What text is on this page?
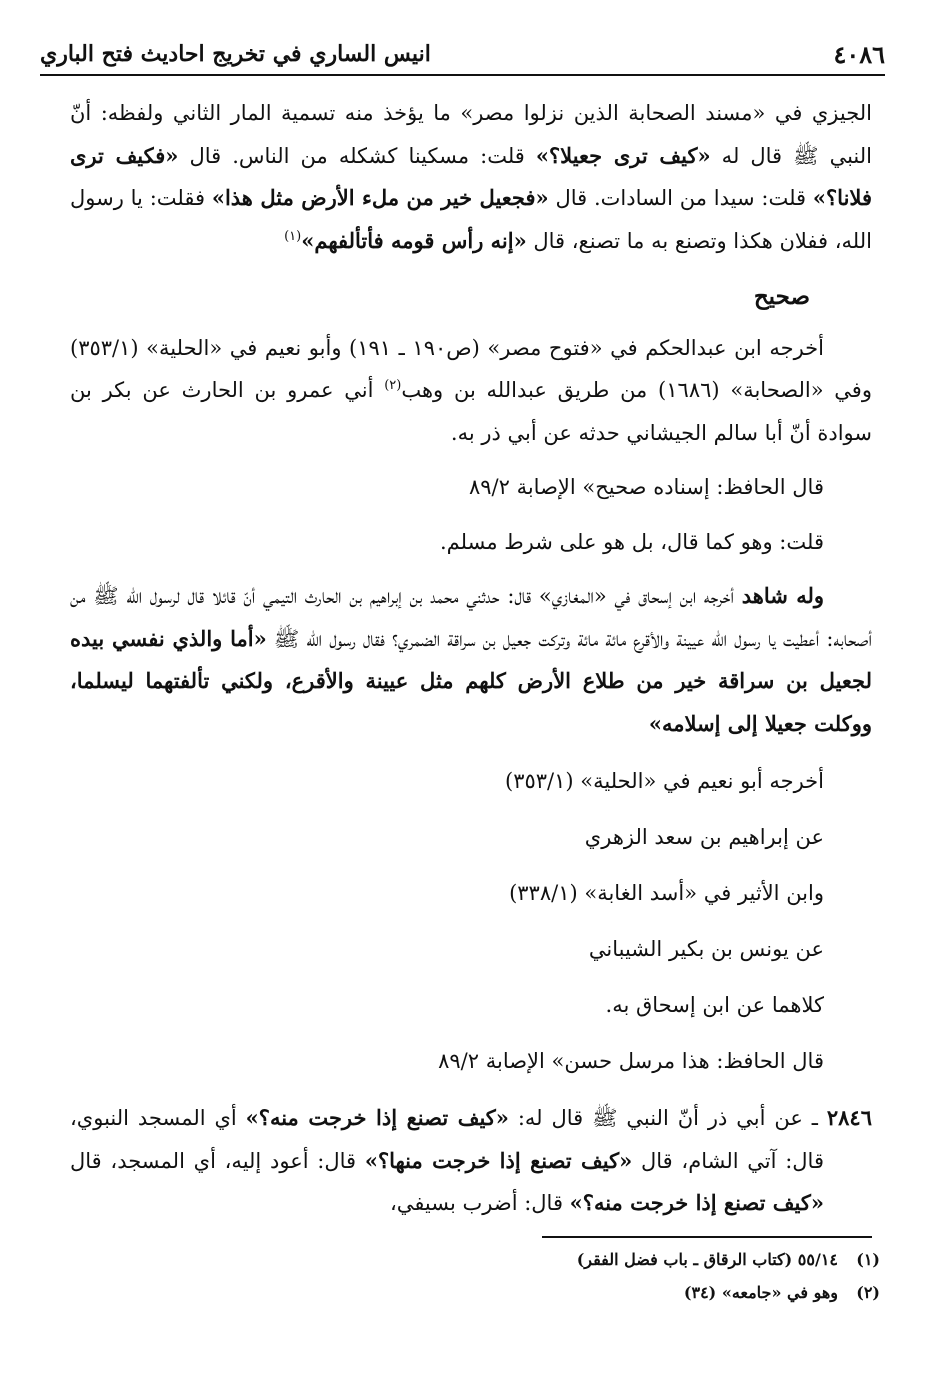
٤٠٨٦
انيس الساري في تخريج احاديث فتح الباري

الجيزي في «مسند الصحابة الذين نزلوا مصر» ما يؤخذ منه تسمية المار الثاني ولفظه: أنّ النبي ﷺ قال له «كيف ترى جعيلا؟» قلت: مسكينا كشكله من الناس. قال «فكيف ترى فلانا؟» قلت: سيدا من السادات. قال «فجعيل خير من ملء الأرض مثل هذا» فقلت: يا رسول الله، ففلان هكذا وتصنع به ما تصنع، قال «إنه رأس قومه فأتألفهم»$^{(١)}$

صحيح

أخرجه ابن عبدالحكم في «فتوح مصر» (ص١٩٠ ـ ١٩١) وأبو نعيم في «الحلية» (٣٥٣/١) وفي «الصحابة» (١٦٨٦) من طريق عبدالله بن وهب$^{(٢)}$ أني عمرو بن الحارث عن بكر بن سوادة أنّ أبا سالم الجيشاني حدثه عن أبي ذر به.

قال الحافظ: إسناده صحيح» الإصابة ٨٩/٢

قلت: وهو كما قال، بل هو على شرط مسلم.

وله شاهد أخرجه ابن إسحاق في «المغازي» قال: حدثني محمد بن إبراهيم بن الحارث التيمي أنّ قائلا قال لرسول الله ﷺ من أصحابه: أعطيت يا رسول الله عيينة والأقرع مائة مائة وتركت جعيل بن سراقة الضمري؟ فقال رسول الله ﷺ «أما والذي نفسي بيده لجعيل بن سراقة خير من طلاع الأرض كلهم مثل عيينة والأقرع، ولكني تألفتهما ليسلما، ووكلت جعيلا إلى إسلامه»

أخرجه أبو نعيم في «الحلية» (٣٥٣/١)

عن إبراهيم بن سعد الزهري

وابن الأثير في «أسد الغابة» (٣٣٨/١)

عن يونس بن بكير الشيباني

كلاهما عن ابن إسحاق به.

قال الحافظ: هذا مرسل حسن» الإصابة ٨٩/٢

٢٨٤٦ ـ عن أبي ذر أنّ النبي ﷺ قال له: «كيف تصنع إذا خرجت منه؟» أي المسجد النبوي، قال: آتي الشام، قال «كيف تصنع إذا خرجت منها؟» قال: أعود إليه، أي المسجد، قال «كيف تصنع إذا خرجت منه؟» قال: أضرب بسيفي،

(١)٥٥/١٤ (كتاب الرقاق ـ باب فضل الفقر)

(٢)وهو في «جامعه» (٣٤)
